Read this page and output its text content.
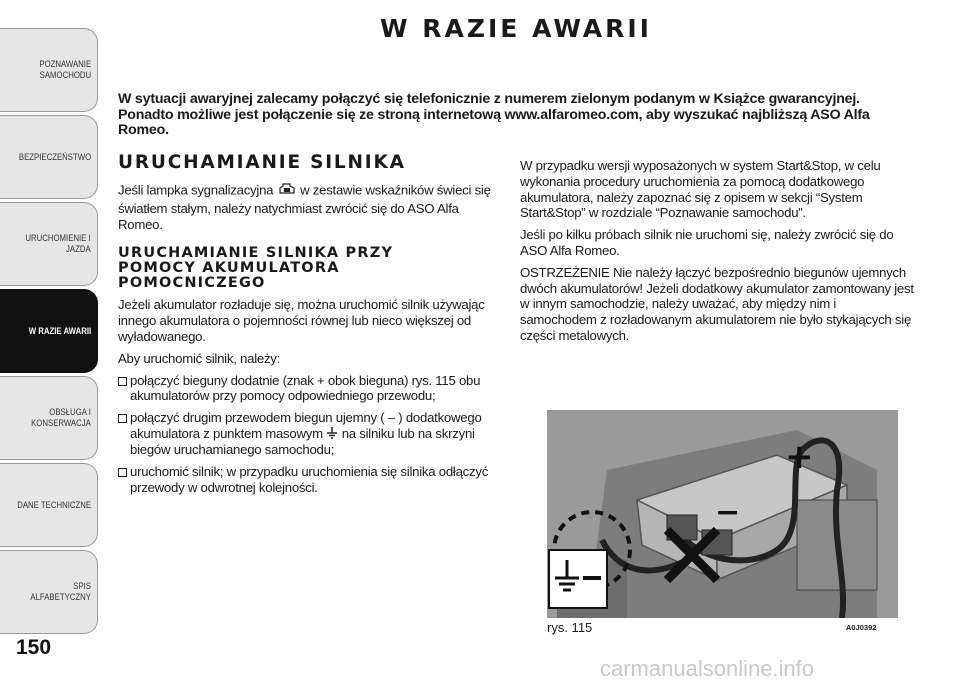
POZNAWANIE
SAMOCHODU
BEZPIECZEŃSTWO
URUCHOMIENIE I
JAZDA
W RAZIE AWARII
OBSŁUGA I
KONSERWACJA
DANE TECHNICZNE
SPIS ALFABETYCZNY
150
W RAZIE AWARII
W sytuacji awaryjnej zalecamy połączyć się telefonicznie z numerem zielonym podanym w Książce gwarancyjnej. Ponadto możliwe jest połączenie się ze stroną internetową www.alfaromeo.com, aby wyszukać najbliższą ASO Alfa Romeo.
URUCHAMIANIE SILNIKA

Jeśli lampka sygnalizacyjna w zestawie wskaźników świeci się światłem stałym, należy natychmiast zwrócić się do ASO Alfa Romeo.

URUCHAMIANIE SILNIKA PRZY POMOCY AKUMULATORA POMOCNICZEGO

Jeżeli akumulator rozładuje się, można uruchomić silnik używając innego akumulatora o pojemności równej lub nieco większej od wyładowanego.

Aby uruchomić silnik, należy:

połączyć bieguny dodatnie (znak + obok bieguna) rys. 115 obu akumulatorów przy pomocy odpowiedniego przewodu;
połączyć drugim przewodem biegun ujemny ( – ) dodatkowego akumulatora z punktem masowym na silniku lub na skrzyni biegów uruchamianego samochodu;
uruchomić silnik; w przypadku uruchomienia się silnika odłączyć przewody w odwrotnej kolejności.

W przypadku wersji wyposażonych w system Start&Stop, w celu wykonania procedury uruchomienia za pomocą dodatkowego akumulatora, należy zapoznać się z opisem w sekcji “System Start&Stop” w rozdziale “Poznawanie samochodu”.

Jeśli po kilku próbach silnik nie uruchomi się, należy zwrócić się do ASO Alfa Romeo.

OSTRZEŻENIE Nie należy łączyć bezpośrednio biegunów ujemnych dwóch akumulatorów! Jeżeli dodatkowy akumulator zamontowany jest w innym samochodzie, należy uważać, aby między nim i samochodem z rozładowanym akumulatorem nie było stykających się części metalowych.

+
−
rys. 115	A0J0392
carmanualsonline.info
